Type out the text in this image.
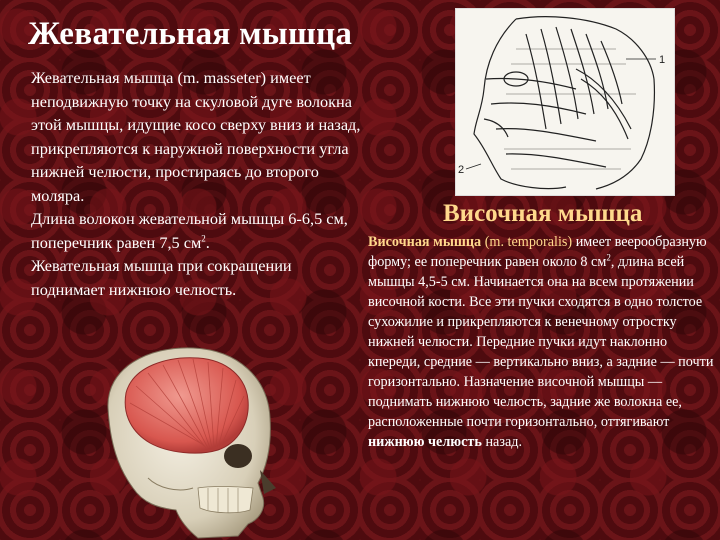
Жевательная мышца

Жевательная мышца (m. masseter) имеет неподвижную точку на скуловой дуге волокна этой мышцы, идущие косо сверху вниз и назад, прикрепляются к наружной поверхности угла нижней челюсти, простираясь до второго моляра.

Длина волокон жевательной мышцы 6-6,5 см, поперечник равен 7,5 $см^2$.

Жевательная мышца при сокращении поднимает нижнюю челюсть.

1
2
Височная мышца
Височная мышца (m. temporalis) имеет веерообразную форму; ее поперечник равен около 8 $см^2$, длина всей мышцы 4,5-5 см. Начинается она на всем протяжении височной кости. Все эти пучки сходятся в одно толстое сухожилие и прикрепляются к венечному отростку нижней челюсти. Передние пучки идут наклонно кпереди, средние — вертикально вниз, а задние — почти горизонтально. Назначение височной мышцы — поднимать нижнюю челюсть, задние же волокна ее, расположенные почти горизонтально, оттягивают нижнюю челюсть назад.
